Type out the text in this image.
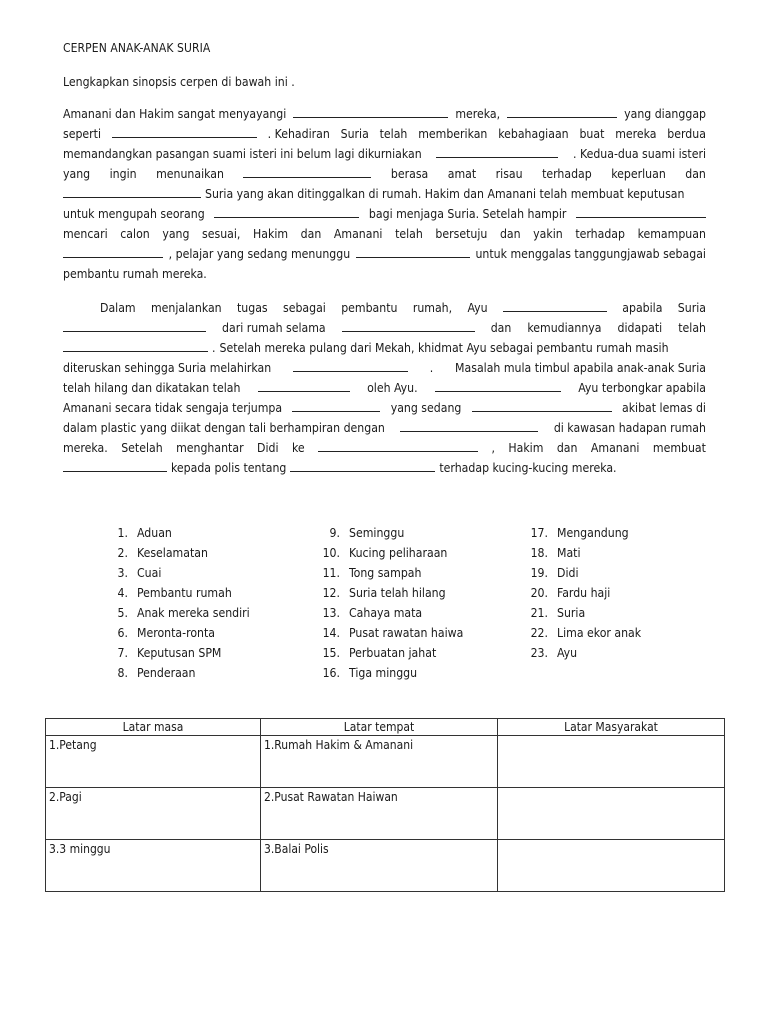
CERPEN ANAK-ANAK SURIA
Lengkapkan sinopsis cerpen di bawah ini .
Amanani dan Hakim sangat menyayangi	mereka,	yang dianggap
seperti	. Kehadiran Suria telah memberikan kebahagiaan buat mereka berdua
memandangkan pasangan suami isteri ini belum lagi dikurniakan	. Kedua-dua suami isteri
yang ingin menunaikan	berasa amat risau terhadap keperluan dan
Suria yang akan ditinggalkan di rumah. Hakim dan Amanani telah membuat keputusan
untuk mengupah seorang	bagi menjaga Suria. Setelah hampir
mencari calon yang sesuai, Hakim dan Amanani telah bersetuju dan yakin terhadap kemampuan
, pelajar yang sedang menunggu	untuk menggalas tanggungjawab sebagai
pembantu rumah mereka.
Dalam menjalankan tugas sebagai pembantu rumah, Ayu	apabila Suria
dari rumah selama	dan kemudiannya didapati telah
. Setelah mereka pulang dari Mekah, khidmat Ayu sebagai pembantu rumah masih
diteruskan sehingga Suria melahirkan	. Masalah mula timbul apabila anak-anak Suria
telah hilang dan dikatakan telah	oleh Ayu.	Ayu terbongkar apabila
Amanani secara tidak sengaja terjumpa	yang sedang	akibat lemas di
dalam plastic yang diikat dengan tali berhampiran dengan	di kawasan hadapan rumah
mereka. Setelah menghantar Didi ke	, Hakim dan Amanani membuat
kepada polis tentang	terhadap kucing-kucing mereka.
1. Aduan
2. Keselamatan
3. Cuai
4. Pembantu rumah
5. Anak mereka sendiri
6. Meronta-ronta
7. Keputusan SPM
8. Penderaan
9. Seminggu
10. Kucing peliharaan
11. Tong sampah
12. Suria telah hilang
13. Cahaya mata
14. Pusat rawatan haiwa
15. Perbuatan jahat
16. Tiga minggu
17. Mengandung
18. Mati
19. Didi
20. Fardu haji
21. Suria
22. Lima ekor anak
23. Ayu
Latar masa	Latar tempat	Latar Masyarakat
1.Petang	1.Rumah Hakim & Amanani	
2.Pagi	2.Pusat Rawatan Haiwan	
3.3 minggu	3.Balai Polis	
